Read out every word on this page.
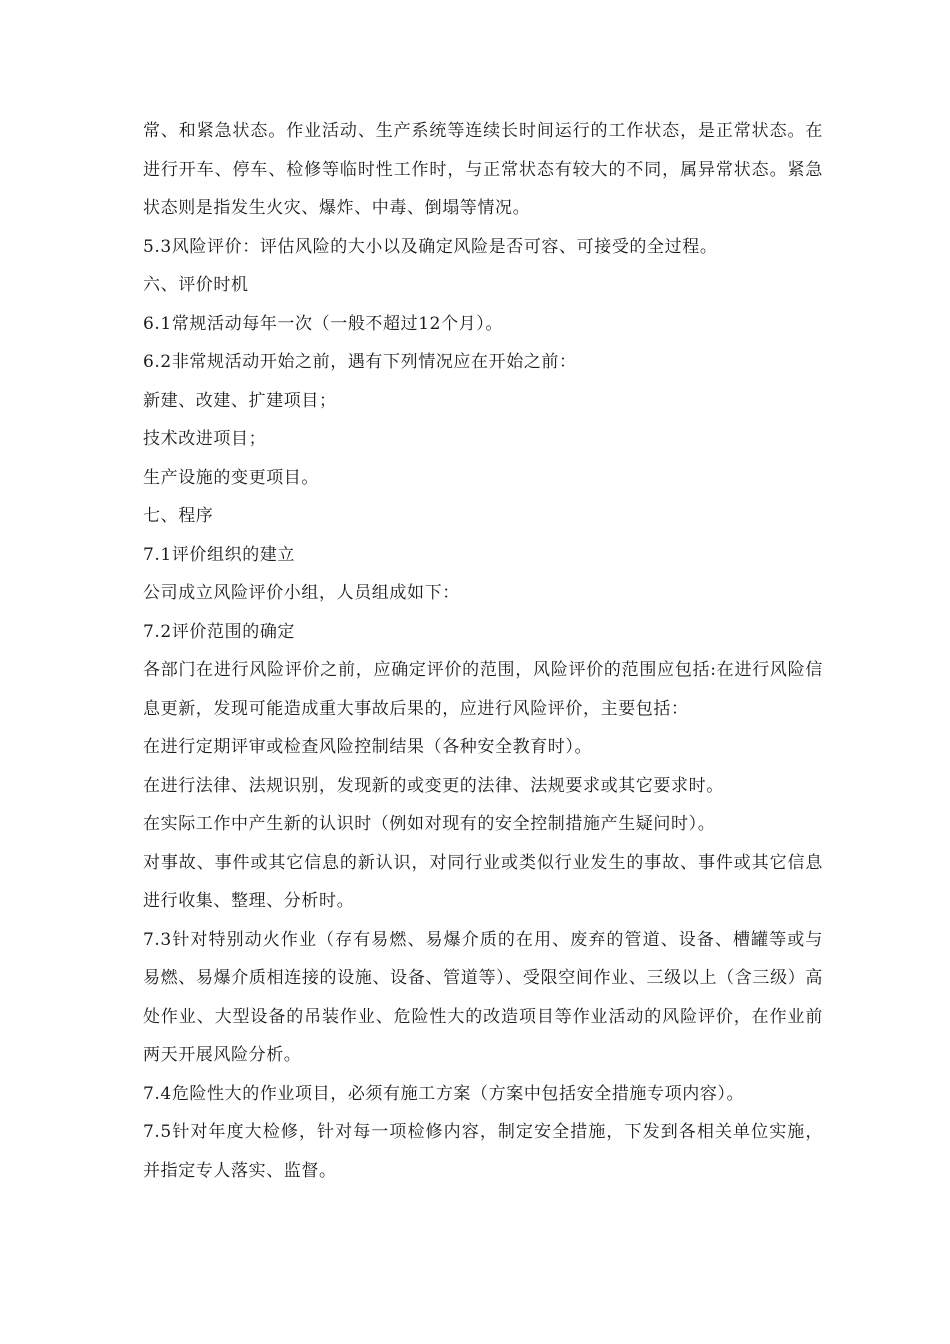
常、和紧急状态。作业活动、生产系统等连续长时间运行的工作状态，是正常状态。在进行开车、停车、检修等临时性工作时，与正常状态有较大的不同，属异常状态。紧急状态则是指发生火灾、爆炸、中毒、倒塌等情况。

5.3风险评价：评估风险的大小以及确定风险是否可容、可接受的全过程。

六、评价时机

6.1常规活动每年一次（一般不超过12个月）。

6.2非常规活动开始之前，遇有下列情况应在开始之前：

新建、改建、扩建项目；

技术改进项目；

生产设施的变更项目。

七、程序

7.1评价组织的建立

公司成立风险评价小组，人员组成如下：

7.2评价范围的确定

各部门在进行风险评价之前，应确定评价的范围，风险评价的范围应包括:在进行风险信息更新，发现可能造成重大事故后果的，应进行风险评价，主要包括：

在进行定期评审或检查风险控制结果（各种安全教育时）。

在进行法律、法规识别，发现新的或变更的法律、法规要求或其它要求时。

在实际工作中产生新的认识时（例如对现有的安全控制措施产生疑问时）。

对事故、事件或其它信息的新认识，对同行业或类似行业发生的事故、事件或其它信息进行收集、整理、分析时。

7.3针对特别动火作业（存有易燃、易爆介质的在用、废弃的管道、设备、槽罐等或与易燃、易爆介质相连接的设施、设备、管道等）、受限空间作业、三级以上（含三级）高处作业、大型设备的吊装作业、危险性大的改造项目等作业活动的风险评价，在作业前两天开展风险分析。

7.4危险性大的作业项目，必须有施工方案（方案中包括安全措施专项内容）。

7.5针对年度大检修，针对每一项检修内容，制定安全措施，下发到各相关单位实施，并指定专人落实、监督。
